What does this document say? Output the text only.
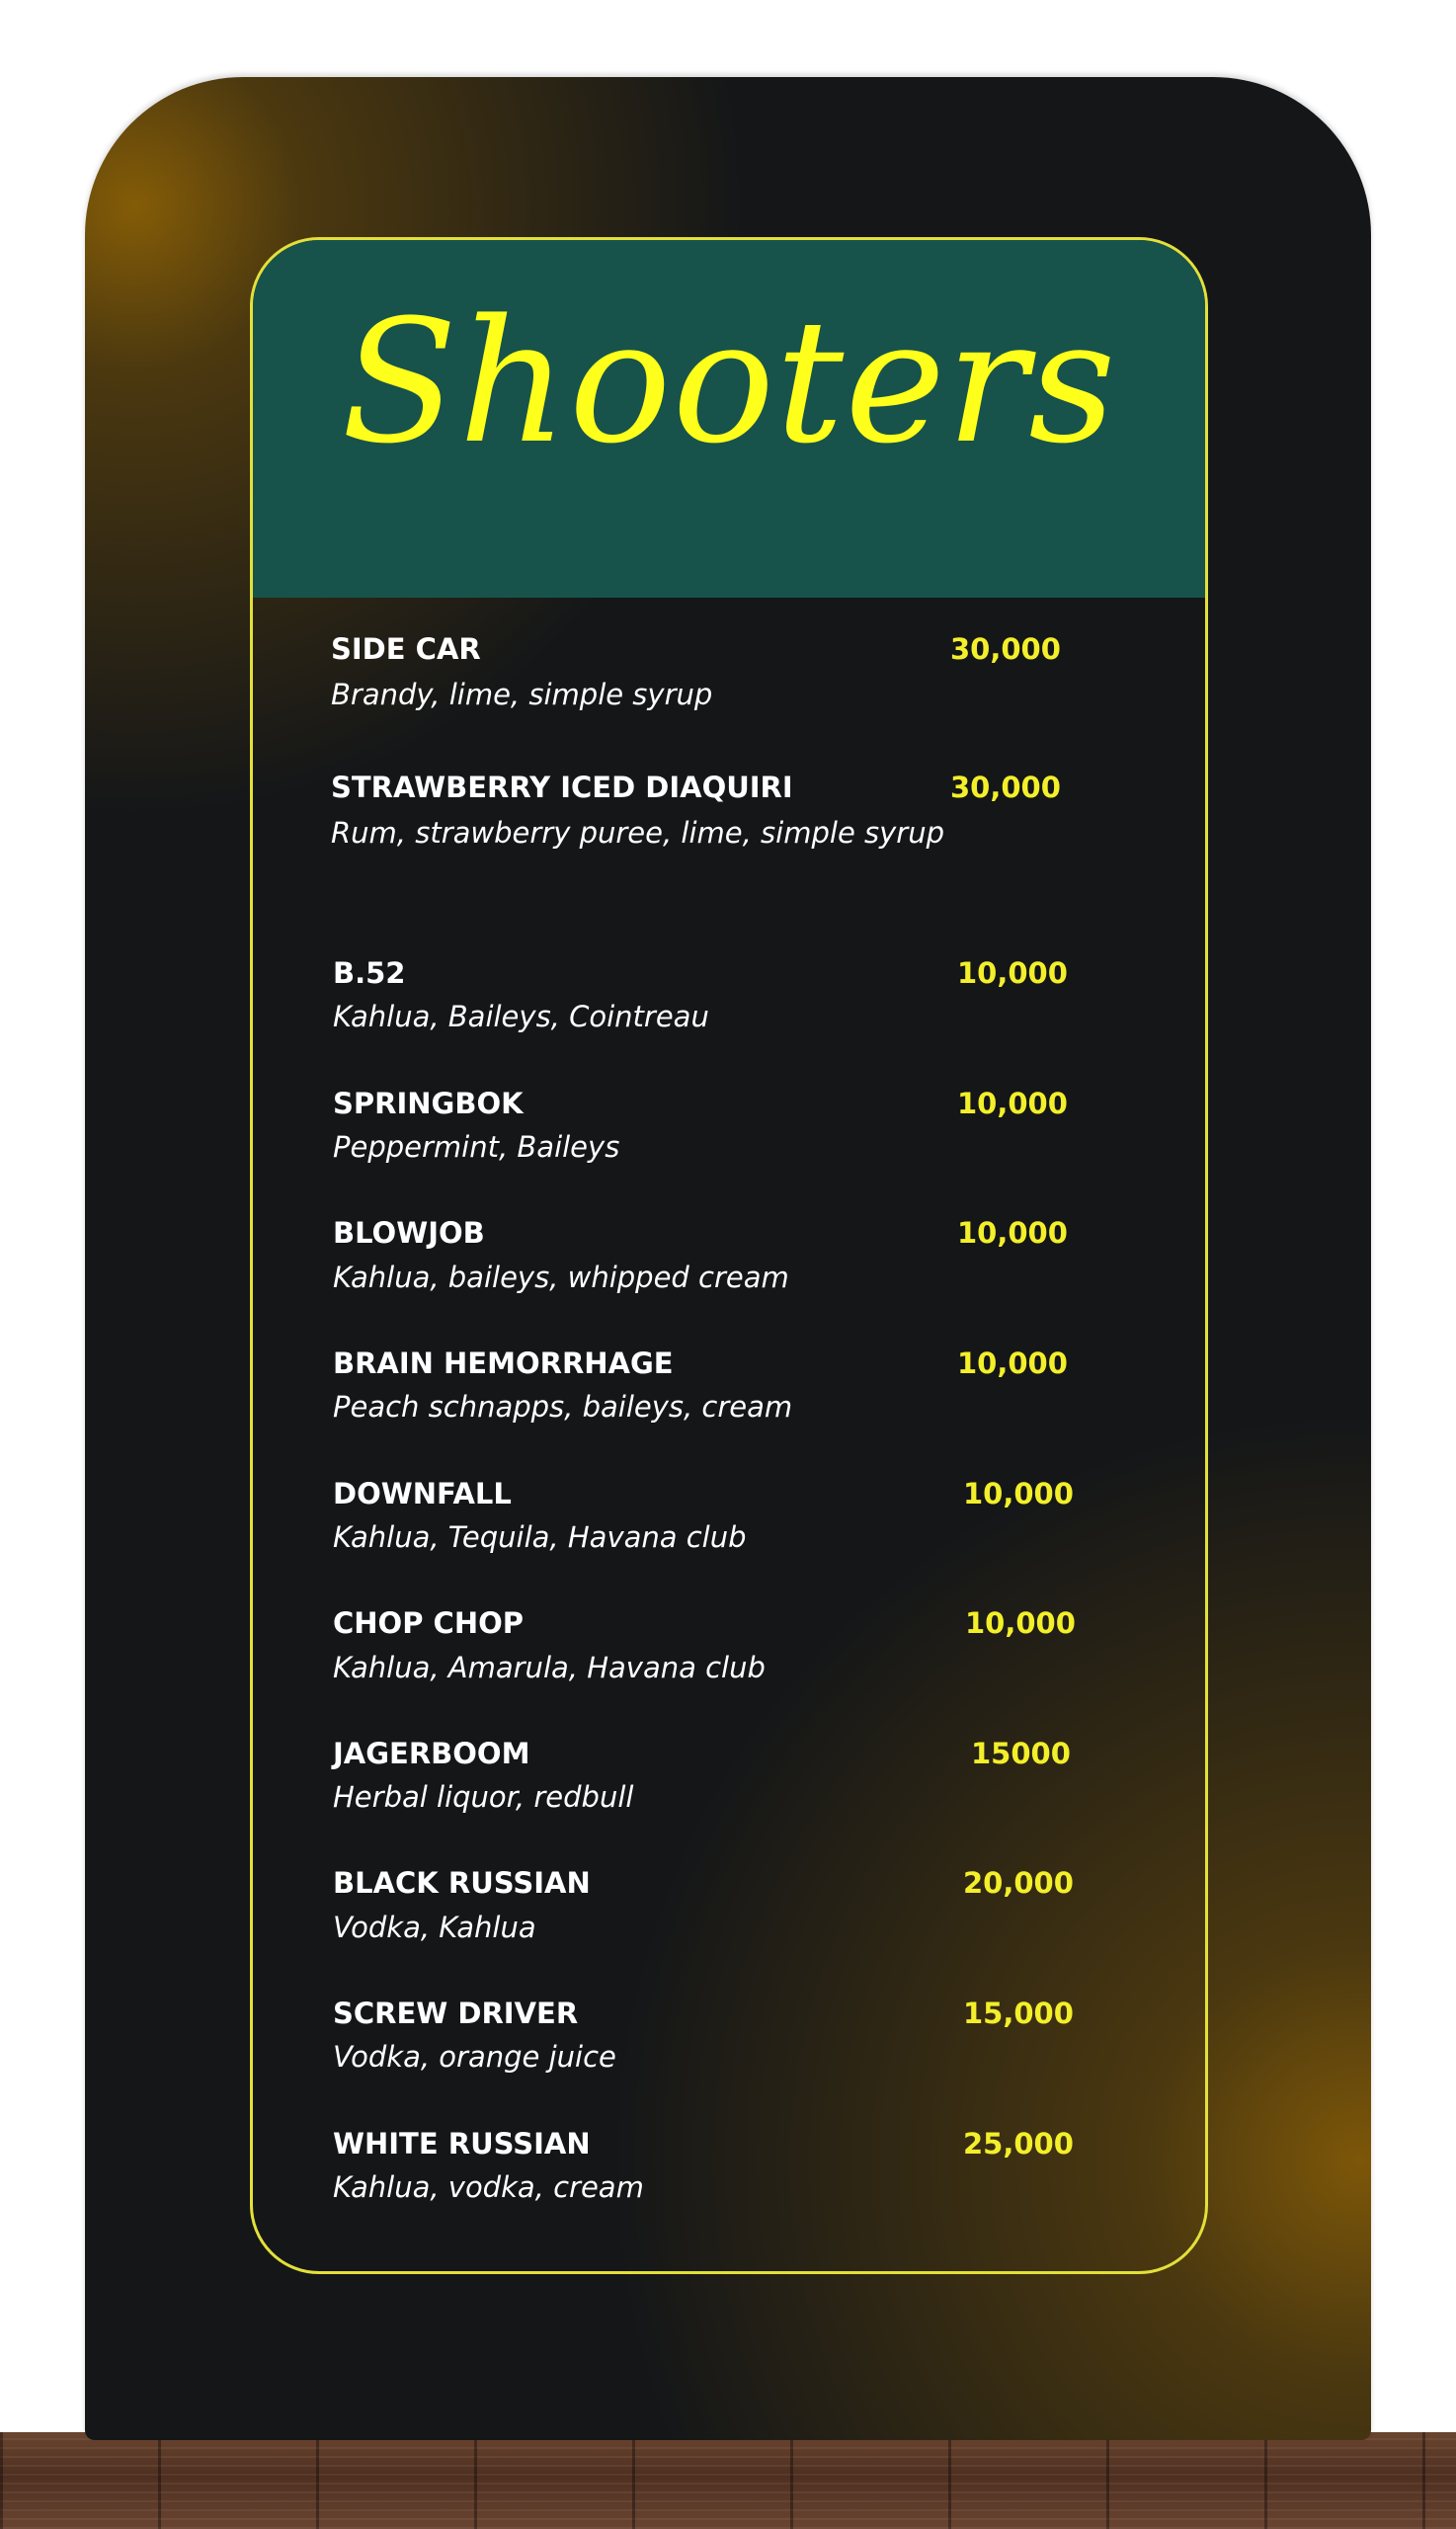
Shooters
SIDE CAR	30,000
Brandy, lime, simple syrup
STRAWBERRY ICED DIAQUIRI	30,000
Rum, strawberry puree, lime, simple syrup
B.52	10,000
Kahlua, Baileys, Cointreau
SPRINGBOK	10,000
Peppermint, Baileys
BLOWJOB	10,000
Kahlua, baileys, whipped cream
BRAIN HEMORRHAGE	10,000
Peach schnapps, baileys, cream
DOWNFALL	10,000
Kahlua, Tequila, Havana club
CHOP CHOP	10,000
Kahlua, Amarula, Havana club
JAGERBOOM	15000
Herbal liquor, redbull
BLACK RUSSIAN	20,000
Vodka, Kahlua
SCREW DRIVER	15,000
Vodka, orange juice
WHITE RUSSIAN	25,000
Kahlua, vodka, cream
